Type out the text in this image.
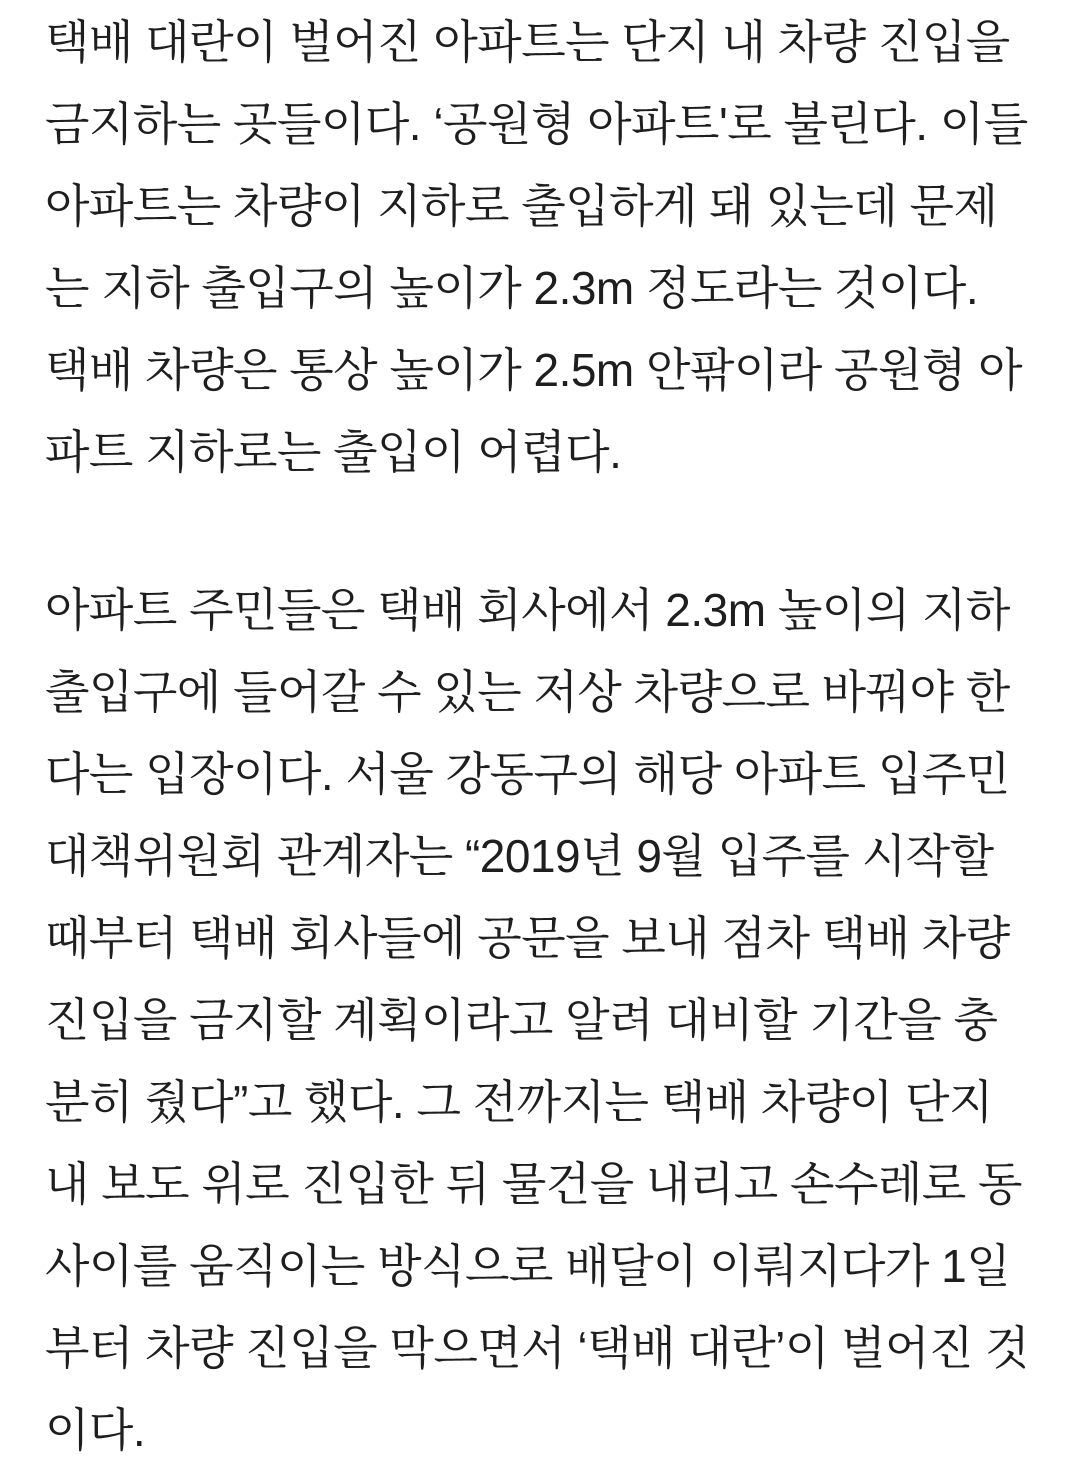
택배 대란이 벌어진 아파트는 단지 내 차량 진입을
금지하는 곳들이다. ‘공원형 아파트'로 불린다. 이들
아파트는 차량이 지하로 출입하게 돼 있는데 문제
는 지하 출입구의 높이가 2.3m 정도라는 것이다.
택배 차량은 통상 높이가 2.5m 안팎이라 공원형 아
파트 지하로는 출입이 어렵다.
아파트 주민들은 택배 회사에서 2.3m 높이의 지하
출입구에 들어갈 수 있는 저상 차량으로 바꿔야 한
다는 입장이다. 서울 강동구의 해당 아파트 입주민
대책위원회 관계자는 “2019년 9월 입주를 시작할
때부터 택배 회사들에 공문을 보내 점차 택배 차량
진입을 금지할 계획이라고 알려 대비할 기간을 충
분히 줬다”고 했다. 그 전까지는 택배 차량이 단지
내 보도 위로 진입한 뒤 물건을 내리고 손수레로 동
사이를 움직이는 방식으로 배달이 이뤄지다가 1일
부터 차량 진입을 막으면서 ‘택배 대란’이 벌어진 것
이다.
